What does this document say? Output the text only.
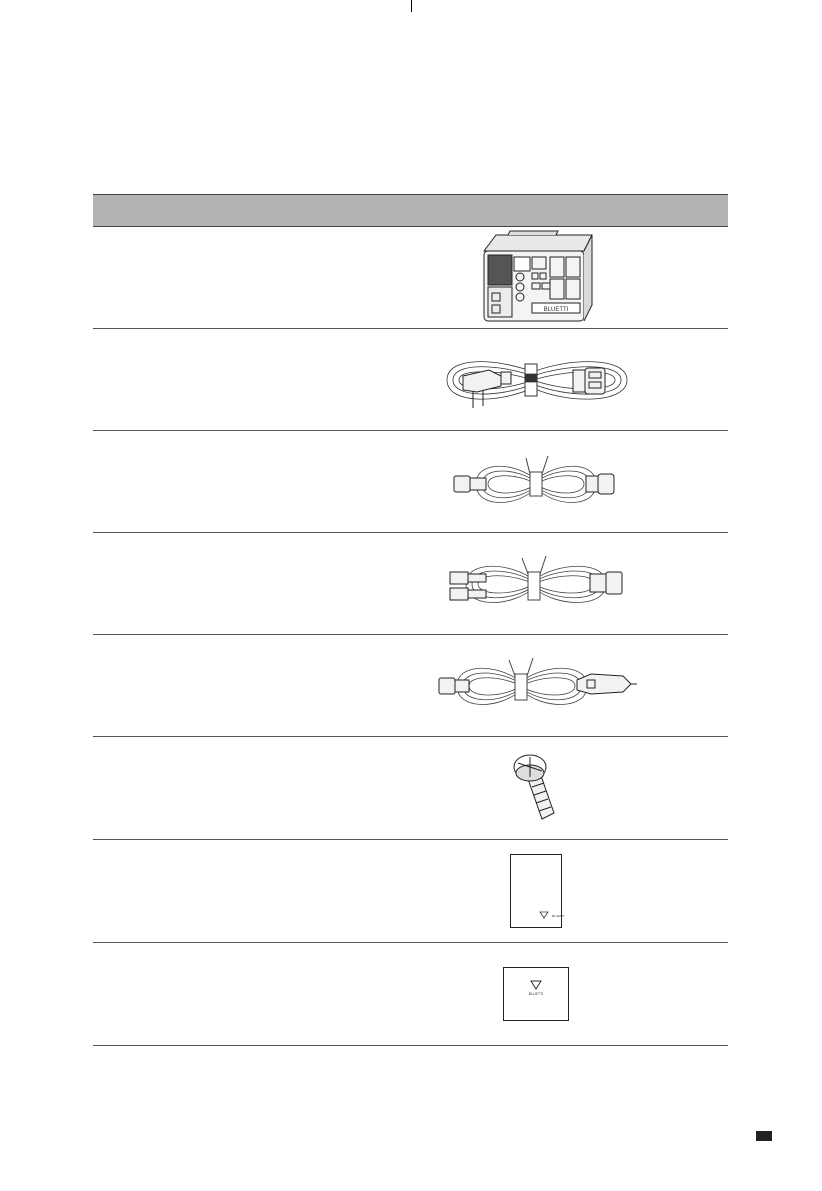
BLUETTI
BLUETTI
BLUETTI
